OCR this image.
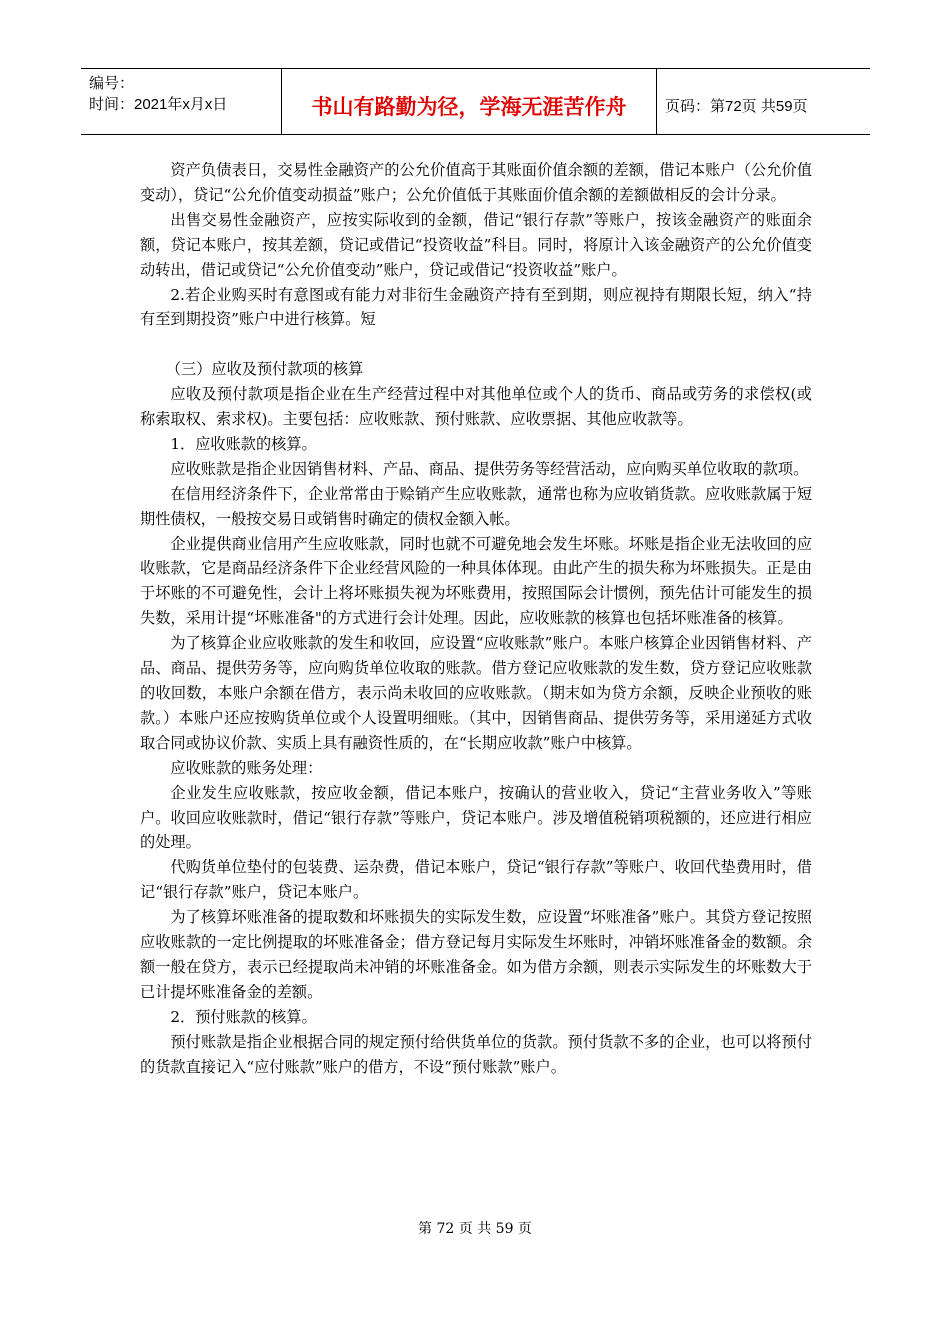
编号：
时间：2021年x月x日	书山有路勤为径，学海无涯苦作舟	页码：第72页 共59页

资产负债表日，交易性金融资产的公允价值高于其账面价值余额的差额，借记本账户（公允价值变动），贷记“公允价值变动损益”账户；公允价值低于其账面价值余额的差额做相反的会计分录。

出售交易性金融资产，应按实际收到的金额，借记“银行存款”等账户，按该金融资产的账面余额，贷记本账户，按其差额，贷记或借记“投资收益”科目。同时，将原计入该金融资产的公允价值变动转出，借记或贷记“公允价值变动”账户，贷记或借记“投资收益”账户。

2.若企业购买时有意图或有能力对非衍生金融资产持有至到期，则应视持有期限长短，纳入“持有至到期投资”账户中进行核算。短

（三）应收及预付款项的核算

应收及预付款项是指企业在生产经营过程中对其他单位或个人的货币、商品或劳务的求偿权(或称索取权、索求权)。主要包括：应收账款、预付账款、应收票据、其他应收款等。

1．应收账款的核算。

应收账款是指企业因销售材料、产品、商品、提供劳务等经营活动，应向购买单位收取的款项。

在信用经济条件下，企业常常由于赊销产生应收账款，通常也称为应收销货款。应收账款属于短期性债权，一般按交易日或销售时确定的债权金额入帐。

企业提供商业信用产生应收账款，同时也就不可避免地会发生坏账。坏账是指企业无法收回的应收账款，它是商品经济条件下企业经营风险的一种具体体现。由此产生的损失称为坏账损失。正是由于坏账的不可避免性，会计上将坏账损失视为坏账费用，按照国际会计惯例，预先估计可能发生的损失数，采用计提“坏账准备"的方式进行会计处理。因此，应收账款的核算也包括坏账准备的核算。

为了核算企业应收账款的发生和收回，应设置“应收账款”账户。本账户核算企业因销售材料、产品、商品、提供劳务等，应向购货单位收取的账款。借方登记应收账款的发生数，贷方登记应收账款的收回数，本账户余额在借方，表示尚未收回的应收账款。（期末如为贷方余额，反映企业预收的账款。）本账户还应按购货单位或个人设置明细账。（其中，因销售商品、提供劳务等，采用递延方式收取合同或协议价款、实质上具有融资性质的，在“长期应收款”账户中核算。

应收账款的账务处理：

企业发生应收账款，按应收金额，借记本账户，按确认的营业收入，贷记“主营业务收入”等账户。收回应收账款时，借记“银行存款”等账户，贷记本账户。涉及增值税销项税额的，还应进行相应的处理。

代购货单位垫付的包装费、运杂费，借记本账户，贷记“银行存款”等账户、收回代垫费用时，借记“银行存款”账户，贷记本账户。

为了核算坏账准备的提取数和坏账损失的实际发生数，应设置“坏账准备”账户。其贷方登记按照应收账款的一定比例提取的坏账准备金；借方登记每月实际发生坏账时，冲销坏账准备金的数额。余额一般在贷方，表示已经提取尚未冲销的坏账准备金。如为借方余额，则表示实际发生的坏账数大于已计提坏账准备金的差额。

2．预付账款的核算。

预付账款是指企业根据合同的规定预付给供货单位的货款。预付货款不多的企业，也可以将预付的货款直接记入“应付账款”账户的借方，不设“预付账款”账户。

第 72 页 共 59 页
